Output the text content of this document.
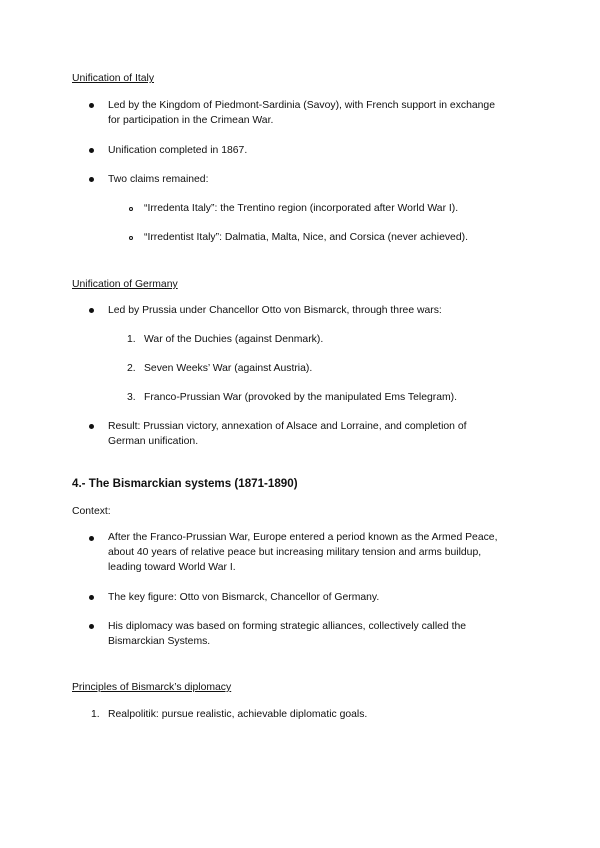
Unification of Italy
Led by the Kingdom of Piedmont-Sardinia (Savoy), with French support in exchange
for participation in the Crimean War.
Unification completed in 1867.
Two claims remained:
“Irredenta Italy”: the Trentino region (incorporated after World War I).
“Irredentist Italy”: Dalmatia, Malta, Nice, and Corsica (never achieved).
Unification of Germany
Led by Prussia under Chancellor Otto von Bismarck, through three wars:
1. War of the Duchies (against Denmark).
2. Seven Weeks’ War (against Austria).
3. Franco-Prussian War (provoked by the manipulated Ems Telegram).
Result: Prussian victory, annexation of Alsace and Lorraine, and completion of
German unification.
4.- The Bismarckian systems (1871-1890)
Context:
After the Franco-Prussian War, Europe entered a period known as the Armed Peace,
about 40 years of relative peace but increasing military tension and arms buildup,
leading toward World War I.
The key figure: Otto von Bismarck, Chancellor of Germany.
His diplomacy was based on forming strategic alliances, collectively called the
Bismarckian Systems.
Principles of Bismarck’s diplomacy
1. Realpolitik: pursue realistic, achievable diplomatic goals.
